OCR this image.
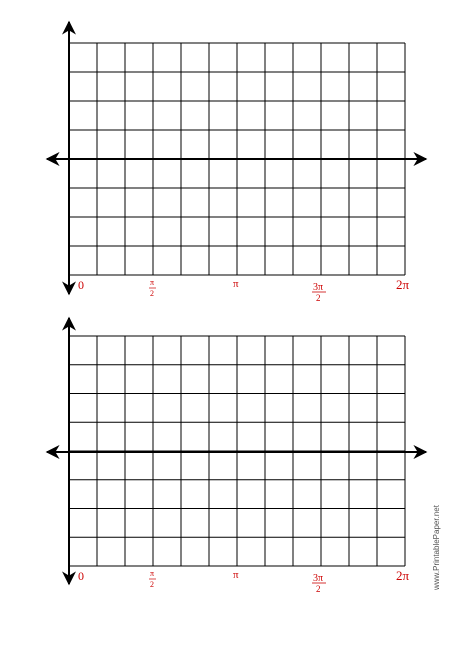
0	π
2
π	3π
2
2π
0	π
2
π	3π
2
2π	www.PrintablePaper.net
